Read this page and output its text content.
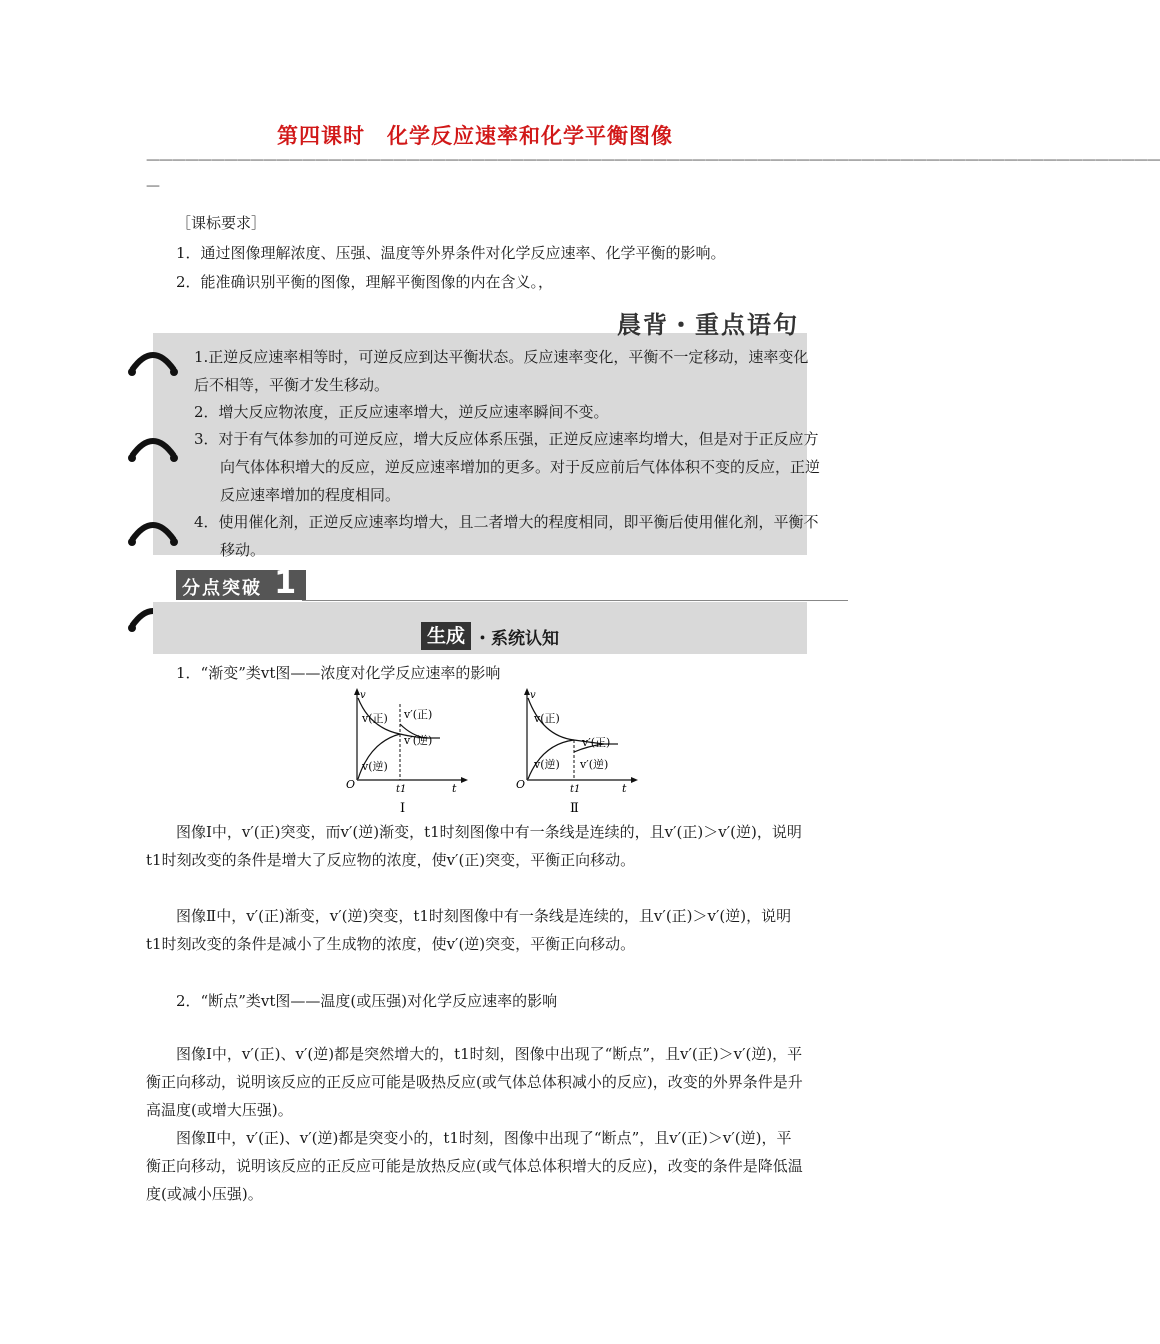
第四课时　化学反应速率和化学平衡图像
——————————————————————————————————————————————————————————————————————————————
—
［课标要求］
1．通过图像理解浓度、压强、温度等外界条件对化学反应速率、化学平衡的影响。
2．能准确识别平衡的图像，理解平衡图像的内在含义。，
晨背・重点语句
1.正逆反应速率相等时，可逆反应到达平衡状态。反应速率变化，平衡不一定移动，速率变化后不相等，平衡才发生移动。
2．增大反应物浓度，正反应速率增大，逆反应速率瞬间不变。
3．对于有气体参加的可逆反应，增大反应体系压强，正逆反应速率均增大，但是对于正反应方向气体体积增大的反应，逆反应速率增加的更多。对于反应前后气体体积不变的反应，正逆反应速率增加的程度相同。
4．使用催化剂，正逆反应速率均增大，且二者增大的程度相同，即平衡后使用催化剂，平衡不移动。
分点突破 1
生成 ・系统认知
1．“渐变”类vt图——浓度对化学反应速率的影响
v
t
O	t1
v(正)
v(逆)
v′(正)
v′(逆)
Ⅰ
v
t
O	t1
v(正)
v(逆)
v′(正)
v′(逆)
Ⅱ
图像Ⅰ中，v′(正)突变，而v′(逆)渐变，t1时刻图像中有一条线是连续的，且v′(正)＞v′(逆)，说明t1时刻改变的条件是增大了反应物的浓度，使v′(正)突变，平衡正向移动。
图像Ⅱ中，v′(正)渐变，v′(逆)突变，t1时刻图像中有一条线是连续的，且v′(正)＞v′(逆)，说明t1时刻改变的条件是减小了生成物的浓度，使v′(逆)突变，平衡正向移动。
2．“断点”类vt图——温度(或压强)对化学反应速率的影响
图像Ⅰ中，v′(正)、v′(逆)都是突然增大的，t1时刻，图像中出现了“断点”，且v′(正)＞v′(逆)，平衡正向移动，说明该反应的正反应可能是吸热反应(或气体总体积减小的反应)，改变的外界条件是升高温度(或增大压强)。
图像Ⅱ中，v′(正)、v′(逆)都是突变小的，t1时刻，图像中出现了“断点”，且v′(正)＞v′(逆)，平衡正向移动，说明该反应的正反应可能是放热反应(或气体总体积增大的反应)，改变的条件是降低温度(或减小压强)。
